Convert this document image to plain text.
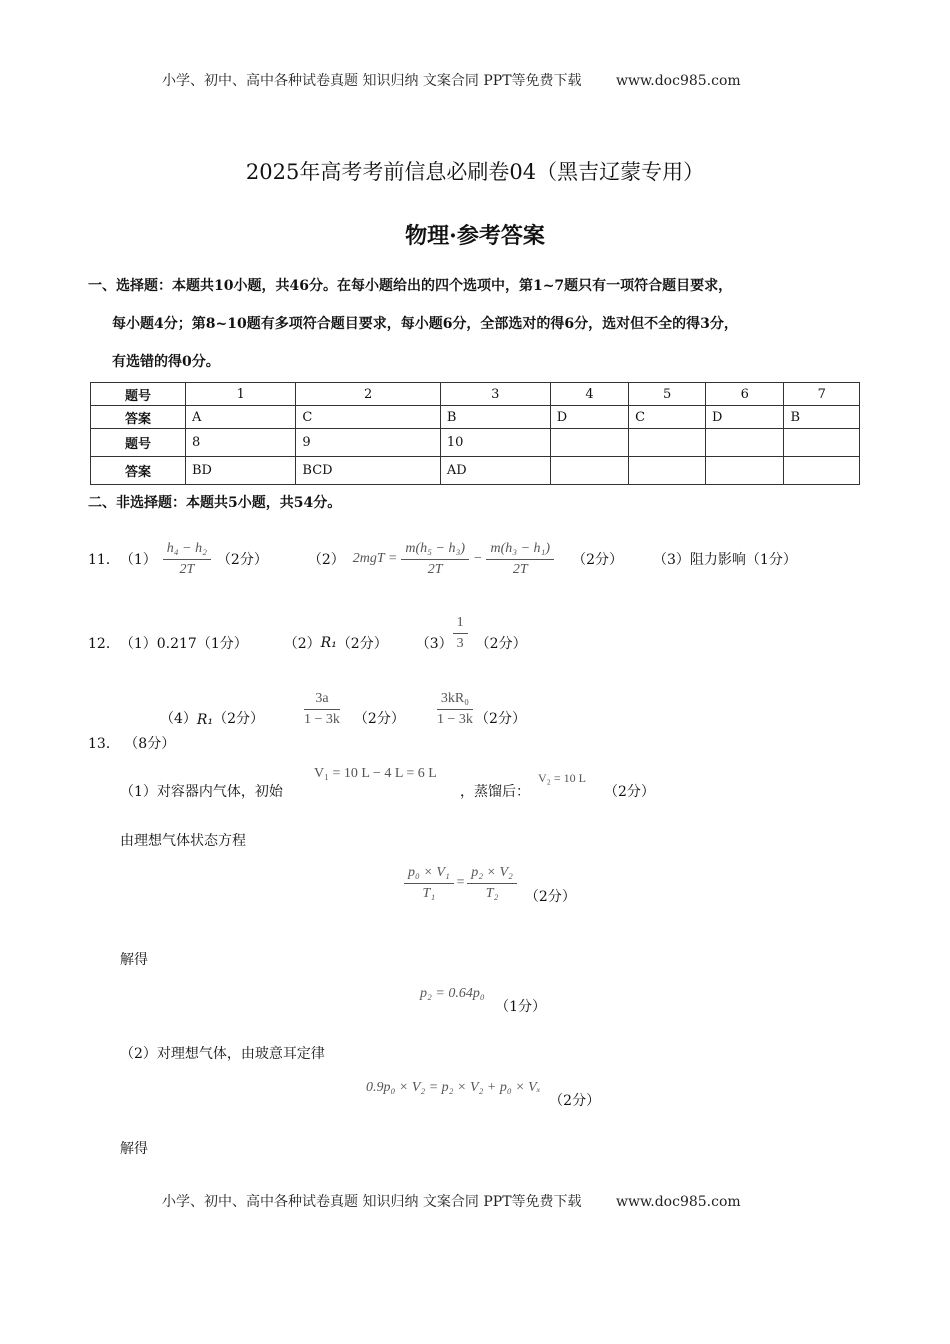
小学、初中、高中各种试卷真题 知识归纳 文案合同 PPT等免费下载 www.doc985.com
2025年高考考前信息必刷卷04（黑吉辽蒙专用）
物理·参考答案
一、选择题：本题共10小题，共46分。在每小题给出的四个选项中，第1~7题只有一项符合题目要求，
每小题4分；第8~10题有多项符合题目要求，每小题6分，全部选对的得6分，选对但不全的得3分，
有选错的得0分。
题号	1	2	3	4	5	6	7
答案	A	C	B	D	C	D	B
题号	8	9	10				
答案	BD	BCD	AD				
二、非选择题：本题共5小题，共54分。
11． $(1) \frac{\text{h₄ − h₂}}{2T} (2$分）	（2） $2mgT = \frac{\text{m(h₅ − h₃)}}{2T} - \frac{\text{m(h₃ − h₁)}}{2T} (2$分） （3）阻力影响（1分）
12． （1）0.217（1分）	（2） R₁ （2分） $(3) \frac{1}{3} (2$分）
（4） R₁ （2分）	$\frac{3a}{1 - 3k} (2$分） $\frac{\text{3kR₀}}{1 - 3k} (2$分）
13． （8分）
（1）对容器内气体，初始
V₁ = 10 L − 4 L = 6 L
，蒸馏后：
V₂ = 10 L
（2分）
由理想气体状态方程
$\frac{\text{p₀ × V₁}}{\text{T₁}} = \frac{\text{p₂ × V₂}}{\text{T₂}} (2$分）
解得
p₂ = 0.64p₀ （1分）
（2）对理想气体，由玻意耳定律
0.9p₀ × V₂ = p₂ × V₂ + p₀ × Vₓ （2分）
解得
小学、初中、高中各种试卷真题 知识归纳 文案合同 PPT等免费下载 www.doc985.com
